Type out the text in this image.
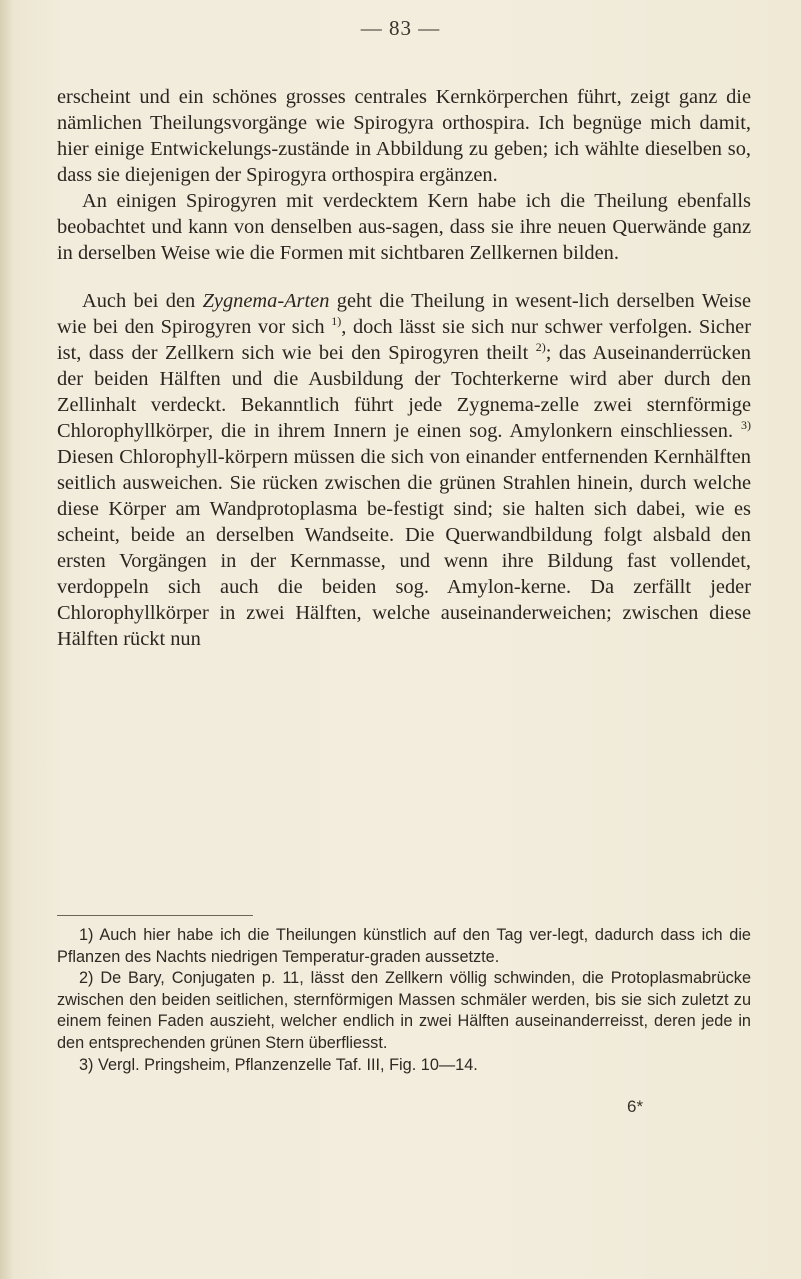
— 83 —

erscheint und ein schönes grosses centrales Kernkörperchen führt, zeigt ganz die nämlichen Theilungsvorgänge wie Spirogyra orthospira. Ich begnüge mich damit, hier einige Entwickelungs-zustände in Abbildung zu geben; ich wählte dieselben so, dass sie diejenigen der Spirogyra orthospira ergänzen.

An einigen Spirogyren mit verdecktem Kern habe ich die Theilung ebenfalls beobachtet und kann von denselben aus-sagen, dass sie ihre neuen Querwände ganz in derselben Weise wie die Formen mit sichtbaren Zellkernen bilden.

Auch bei den Zygnema-Arten geht die Theilung in wesent-lich derselben Weise wie bei den Spirogyren vor sich $^{1)}$, doch lässt sie sich nur schwer verfolgen. Sicher ist, dass der Zellkern sich wie bei den Spirogyren theilt $^{2)}$; das Auseinanderrücken der beiden Hälften und die Ausbildung der Tochterkerne wird aber durch den Zellinhalt verdeckt. Bekanntlich führt jede Zygnema-zelle zwei sternförmige Chlorophyllkörper, die in ihrem Innern je einen sog. Amylonkern einschliessen. $^{3)}$ Diesen Chlorophyll-körpern müssen die sich von einander entfernenden Kernhälften seitlich ausweichen. Sie rücken zwischen die grünen Strahlen hinein, durch welche diese Körper am Wandprotoplasma be-festigt sind; sie halten sich dabei, wie es scheint, beide an derselben Wandseite. Die Querwandbildung folgt alsbald den ersten Vorgängen in der Kernmasse, und wenn ihre Bildung fast vollendet, verdoppeln sich auch die beiden sog. Amylon-kerne. Da zerfällt jeder Chlorophyllkörper in zwei Hälften, welche auseinanderweichen; zwischen diese Hälften rückt nun

1) Auch hier habe ich die Theilungen künstlich auf den Tag ver-legt, dadurch dass ich die Pflanzen des Nachts niedrigen Temperatur-graden aussetzte.

2) De Bary, Conjugaten p. 11, lässt den Zellkern völlig schwinden, die Protoplasmabrücke zwischen den beiden seitlichen, sternförmigen Massen schmäler werden, bis sie sich zuletzt zu einem feinen Faden auszieht, welcher endlich in zwei Hälften auseinanderreisst, deren jede in den entsprechenden grünen Stern überfliesst.

3) Vergl. Pringsheim, Pflanzenzelle Taf. III, Fig. 10—14.

6*
